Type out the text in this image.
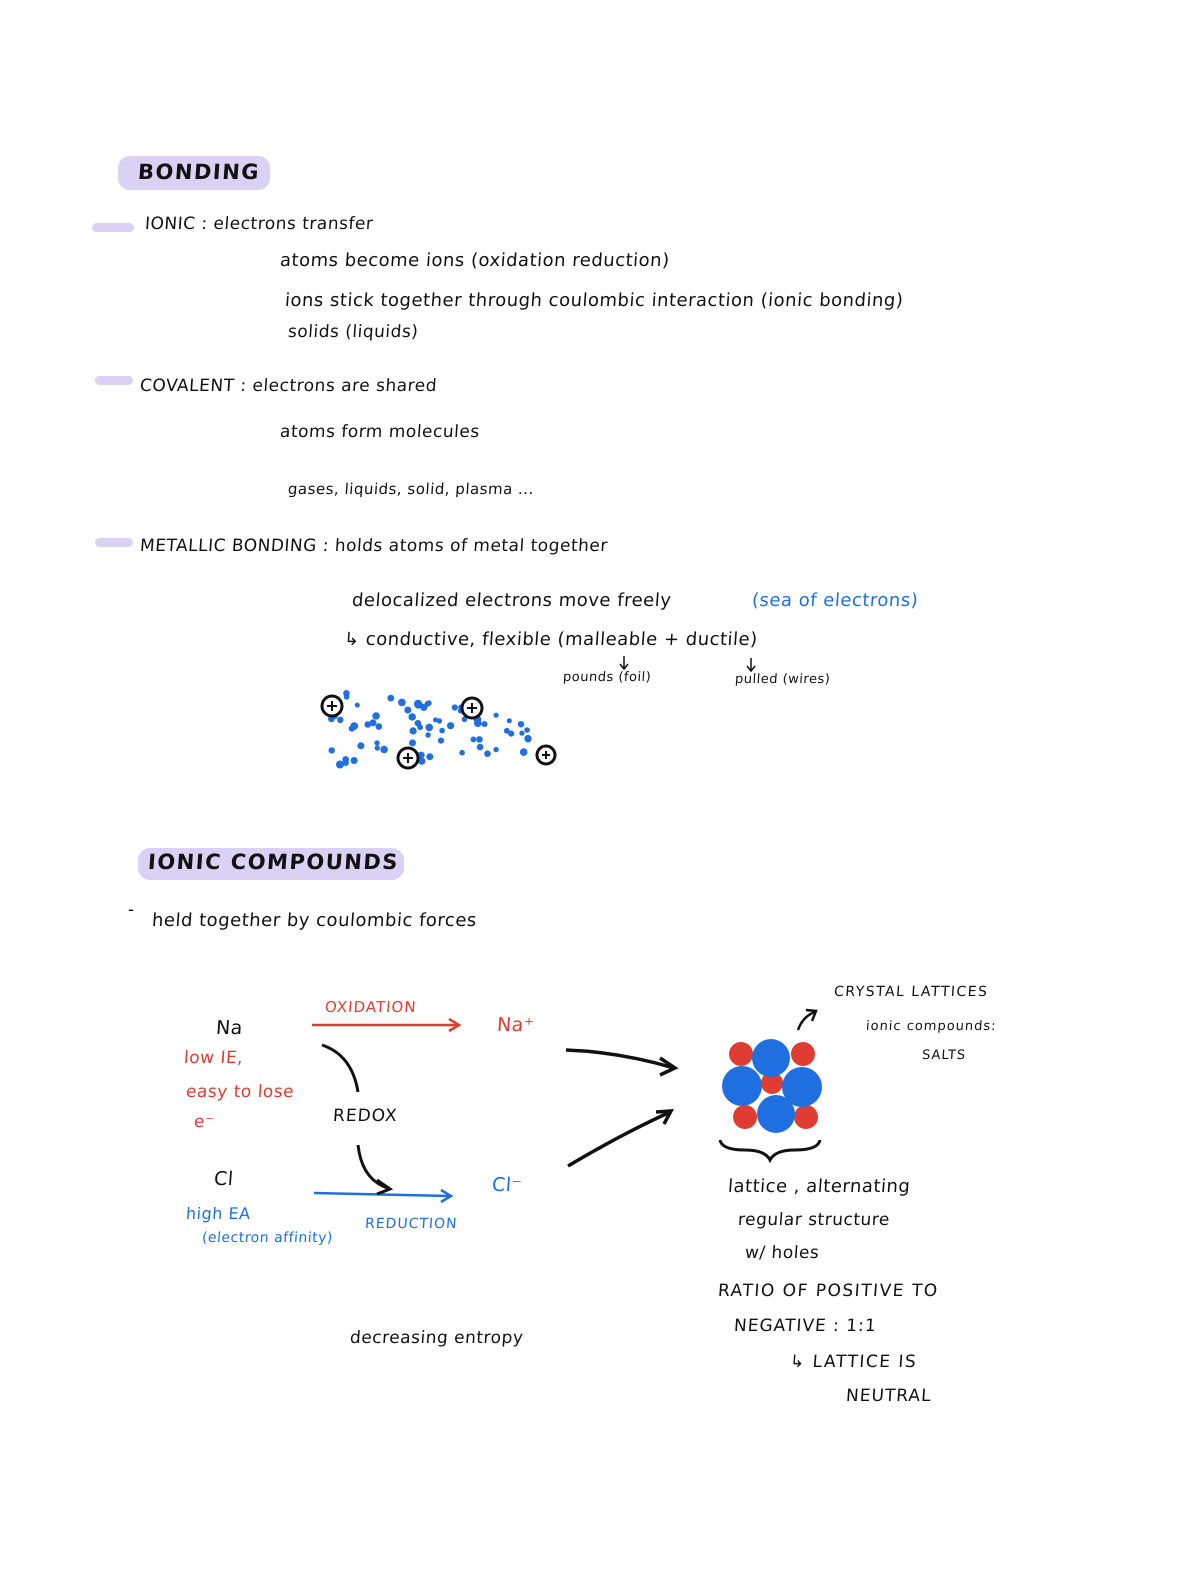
BONDING
IONIC : electrons transfer
atoms become ions (oxidation reduction)
ions stick together through coulombic interaction (ionic bonding)
solids (liquids)
COVALENT : electrons are shared
atoms form molecules
gases, liquids, solid, plasma ...
METALLIC BONDING : holds atoms of metal together
delocalized electrons move freely	(sea of electrons)
↳ conductive, flexible (malleable + ductile)
pounds (foil)	pulled (wires)
IONIC COMPOUNDS
- held together by coulombic forces
Na
low IE,
easy to lose
e⁻
OXIDATION
Na⁺
REDOX
Cl
high EA
(electron affinity)
REDUCTION
Cl⁻
decreasing entropy
CRYSTAL LATTICES
ionic compounds:
SALTS
lattice , alternating
regular structure
w/ holes
RATIO OF POSITIVE TO
NEGATIVE : 1:1
↳ LATTICE IS
NEUTRAL
